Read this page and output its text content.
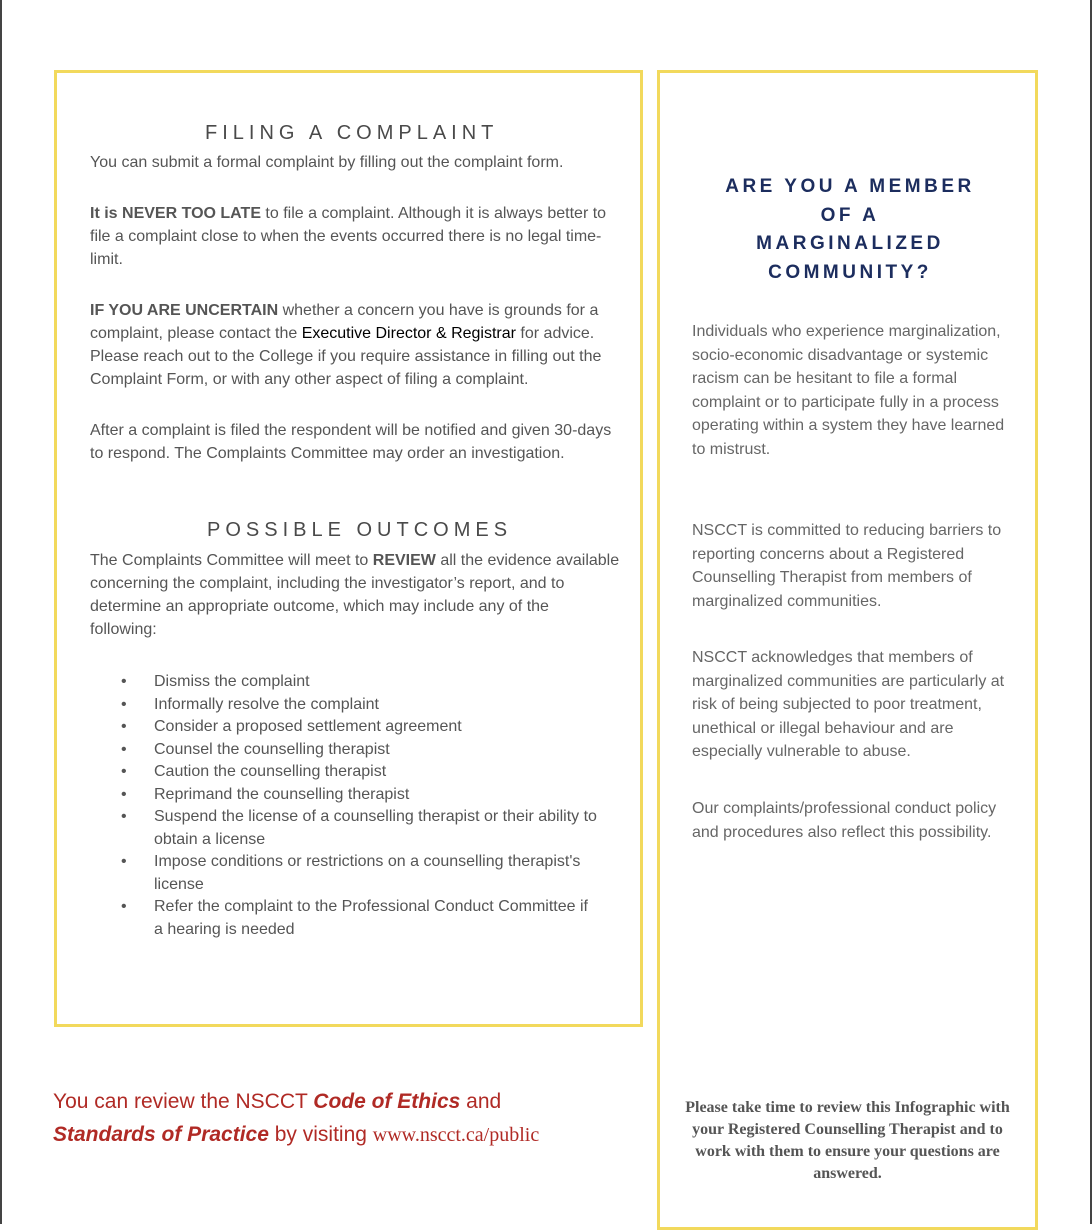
FILING A COMPLAINT

You can submit a formal complaint by filling out the complaint form.

It is NEVER TOO LATE to file a complaint. Although it is always better to file a complaint close to when the events occurred there is no legal time-limit.

IF YOU ARE UNCERTAIN whether a concern you have is grounds for a complaint, please contact the Executive Director & Registrar for advice. Please reach out to the College if you require assistance in filling out the Complaint Form, or with any other aspect of filing a complaint.

After a complaint is filed the respondent will be notified and given 30-days to respond. The Complaints Committee may order an investigation.

POSSIBLE OUTCOMES

The Complaints Committee will meet to REVIEW all the evidence available concerning the complaint, including the investigator’s report, and to determine an appropriate outcome, which may include any of the following:

• Dismiss the complaint
• Informally resolve the complaint
• Consider a proposed settlement agreement
• Counsel the counselling therapist
• Caution the counselling therapist
• Reprimand the counselling therapist
• Suspend the license of a counselling therapist or their ability to obtain a license
• Impose conditions or restrictions on a counselling therapist's license
• Refer the complaint to the Professional Conduct Committee if a hearing is needed
You can review the NSCCT Code of Ethics and
Standards of Practice by visiting www.nscct.ca/public
ARE YOU A MEMBER
OF A
MARGINALIZED
COMMUNITY?

Individuals who experience marginalization, socio-economic disadvantage or systemic racism can be hesitant to file a formal complaint or to participate fully in a process operating within a system they have learned to mistrust.

NSCCT is committed to reducing barriers to reporting concerns about a Registered Counselling Therapist from members of marginalized communities.

NSCCT acknowledges that members of marginalized communities are particularly at risk of being subjected to poor treatment, unethical or illegal behaviour and are especially vulnerable to abuse.

Our complaints/professional conduct policy and procedures also reflect this possibility.

Please take time to review this Infographic with your Registered Counselling Therapist and to work with them to ensure your questions are answered.
